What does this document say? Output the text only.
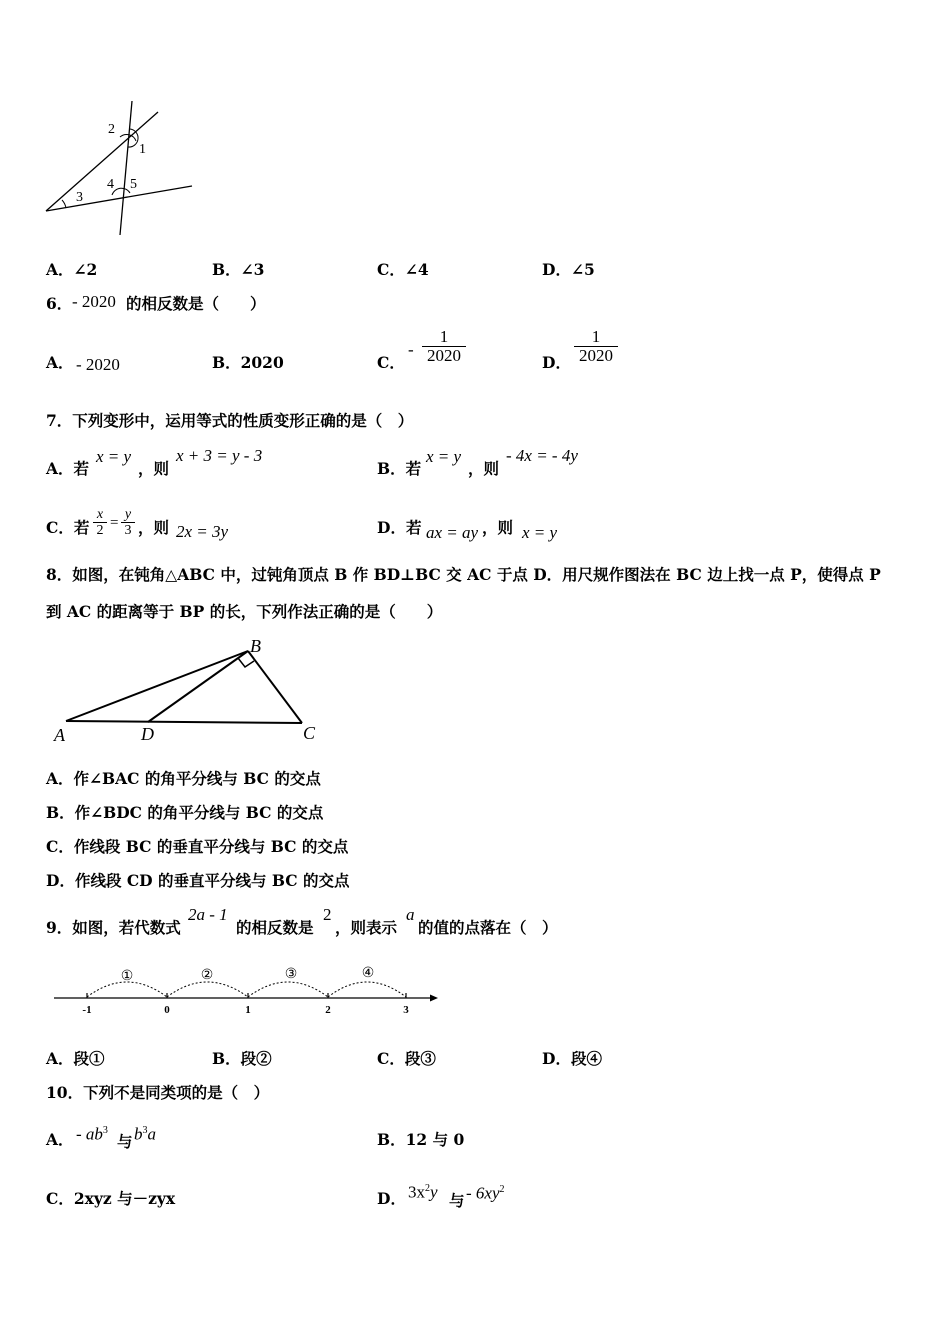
2
1
3
4 5
A．∠2	B．∠3	C．∠4	D．∠5
6． - 2020 的相反数是（　　）
A． - 2020	B．2020	C．
-
1
2020	D．
1
2020
7．下列变形中，运用等式的性质变形正确的是（　）
A．若
x = y
，则
x + 3 = y - 3
B．若
x = y
，则
- 4x = - 4y
C．若
x
2 =
y
3 ，则 2x = 3y	D．若 ax = ay ，则 x = y
8．如图，在钝角△ABC 中，过钝角顶点 B 作 BD⊥BC 交 AC 于点 D．用尺规作图法在 BC 边上找一点 P，使得点 P
到 AC 的距离等于 BP 的长，下列作法正确的是（　　）
B
A	D	C
A．作∠BAC 的角平分线与 BC 的交点
B．作∠BDC 的角平分线与 BC 的交点
C．作线段 BC 的垂直平分线与 BC 的交点
D．作线段 CD 的垂直平分线与 BC 的交点
9．如图，若代数式
2a - 1
的相反数是
2
，则表示
a
的值的点落在（　）
①	②	③	④
-1	0	1	2	3
A．段①	B．段②	C．段③	D．段④
10．下列不是同类项的是（　）
A． - $ab^3$
与 $b^3a$	B．12 与 0
C．2xyz 与－zyx	D． $3x^2y$ 与 - $6xy^2$
